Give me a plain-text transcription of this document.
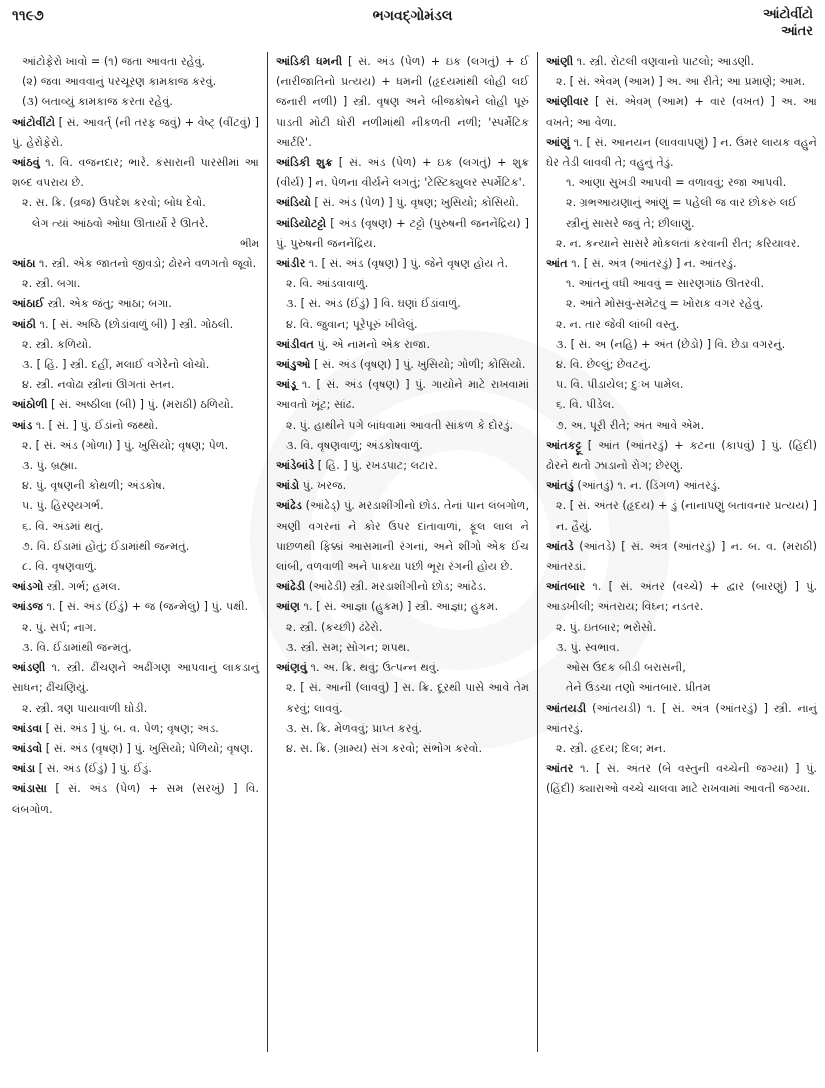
૧૧૯૭	ભગવદ્ગોમંડલ	આંટોવીંટો
આંતર

આંટોફેરો ખાવો = (૧) જતા આવતા રહેવું.

(૨) જવા આવવાનું પરચૂરણ કામકાજ કરવું.

(૩) બતાવ્યું કામકાજ કરતા રહેવું.

આંટોવીંટો [ સં. આવર્ત્ (ની તરફ જવું) + વેષ્ટ્ (વીંટવું) ] પું. હેરોફેરો.

આંઠવું ૧. વિ. વજનદાર; ભારે. કંસારાની પારસીમાં આ શબ્દ વપરાય છે.

૨. સ. ક્રિ. (વ્રજ) ઉપદેશ કરવો; બોધ દેવો.

લેગ ત્યાં આંઠવો ઓધા ઊતાર્યો રે ઊતરે.

ભીમ

આંઠા ૧. સ્ત્રી. એક જાતનો જીવડો; ઢોરને વળગતો જૂવો.

૨. સ્ત્રી. બગા.

આંઠાઈ સ્ત્રી. એક જંતુ; આંઠા; બગા.

આંઠી ૧. [ સં. અષ્ઠિ (છોડાંવાળું બી) ] સ્ત્રી. ગોઠલી.

૨. સ્ત્રી. કળિયો.

૩. [ હિં. ] સ્ત્રી. દહીં, મલાઈ વગેરેનો લોચો.

૪. સ્ત્રી. નવોઢા સ્ત્રીનાં ઊગતાં સ્તન.

આંઠોળી [ સં. અષ્ઠીલા (બી) ] પું. (મરાઠી) ઠળિયો.

આંડ ૧. [ સં. ] પું. ઈંડાંનો જથ્થો.

૨. [ સં. અંડ (ગોળા) ] પું. ખુસિયો; વૃષણ; પેળ.

૩. પું. બ્રહ્મા.

૪. પું. વૃષણની કોથળી; અંડકોષ.

૫. પું. હિરણ્યગર્ભ.

૬. વિ. અંડમાં થતું.

૭. વિ. ઈંડામાં હોતું; ઈંડામાંથી જન્મતું.

૮. વિ. વૃષણવાળું.

આંડગો સ્ત્રી. ગર્ભ; હમલ.

આંડજ ૧. [ સં. અંડ (ઈંડું) + જ (જન્મેલું) ] પું. પક્ષી.

૨. પું. સર્પ; નાગ.

૩. વિ. ઈંડામાંથી જન્મતું.

આંડણી ૧. સ્ત્રી. ઢીંચણને અઢીંગણ આપવાનું લાકડાનું સાધન; ઢીંચણિયું.

૨. સ્ત્રી. ત્રણ પાયાવાળી ઘોડી.

આંડવા [ સં. અંડ ] પું. બ. વ. પેળ; વૃષણ; અંડ.

આંડવો [ સં. અંડ (વૃષણ) ] પું. ખુસિયો; પેળિયો; વૃષણ.

આંડા [ સં. અંડ (ઈંડું) ] પું. ઈંડું.

આંડાસા [ સં. અંડ (પેળ) + સમ (સરખું) ] વિ. લંબગોળ.

આંડિકી ધમની [ સં. અંડ (પેળ) + ઇક (લગતું) + ઈ (નારીજાતિનો પ્રત્યય) + ધમની (હૃદયમાંથી લોહી લઈ જનારી નળી) ] સ્ત્રી. વૃષણ અને બીજકોષને લોહી પૂરું પાડતી મોટી ધોરી નળીમાંથી નીકળતી નળી; 'સ્પર્મેટિક આર્ટરિ'.

આંડિકી શુક્ર [ સં. અંડ (પેળ) + ઇક (લગતું) + શુક્ર (વીર્ય) ] ન. પેળના વીર્યને લગતું; 'ટેસ્ટિક્યુલર સ્પર્મેટિક'.

આંડિયો [ સં. અંડ (પેળ) ] પું. વૃષણ; ખુસિયો; કોસિયો.

આંડિયોટટ્ટો [ અંડ (વૃષણ) + ટટ્ટો (પુરુષની જનનેંદ્રિય) ] પું. પુરુષની જનનેંદ્રિય.

આંડીર ૧. [ સં. અંડ (વૃષણ) ] પું. જેને વૃષણ હોય તે.

૨. વિ. આંડવાવાળું.

૩. [ સં. અંડ (ઈંડું) ] વિ. ઘણાં ઈંડાંવાળું.

૪. વિ. જુવાન; પૂરેપૂરું ખીલેલું.

આંડીવત પું. એ નામનો એક રાજા.

આંડુઓ [ સં. અંડ (વૃષણ) ] પું. ખુસિયો; ગોળી; કોસિયો.

આંડૂ ૧. [ સં. અંડ (વૃષણ) ] પું. ગાયોને માટે રાખવામાં આવતો ખૂંટ; સાંઢ.

૨. પું. હાથીને પગે બાંધવામાં આવતી સાંકળ કે દોરડું.

૩. વિ. વૃષણવાળું; અંડકોષવાળું.

આંડેબાંડે [ હિં. ] પું. રખડપાટ; લટાર.

આંડો પું. ખરજ.

આંઢેડ (આંઢેડ્) પું. મરડાશીંગીનો છોડ. તેનાં પાન લંબગોળ, અણી વગરનાં ને કોર ઉપર દાંતાવાળાં, ફૂલ લાલ ને પાછળથી ફિક્કાં આસમાની રંગનાં, અને શીંગો એક ઈંચ લાંબી, વળવાળી અને પાકયા પછી ભૂરા રંગની હોય છે.

આંઢેડી (આંઢેડી) સ્ત્રી. મરડાશીંગીનો છોડ; આંઢેડ.

આંણ ૧. [ સં. આજ્ઞા (હુકમ) ] સ્ત્રી. આજ્ઞા; હુકમ.

૨. સ્ત્રી. (કચ્છી) ઢંઢેરો.

૩. સ્ત્રી. સમ; સોગન; શપથ.

આંણવું ૧. અ. ક્રિ. થવું; ઉત્પન્ન થવું.

૨. [ સં. આની (લાવવું) ] સ. ક્રિ. દૂરથી પાસે આવે તેમ કરવું; લાવવું.

૩. સ. ક્રિ. મેળવવું; પ્રાપ્ત કરવું.

૪. સ. ક્રિ. (ગ્રામ્ય) સંગ કરવો; સંભોગ કરવો.

આંણી ૧. સ્ત્રી. રોટલી વણવાનો પાટલો; આડણી.

૨. [ સં. એવમ્ (આમ) ] અ. આ રીતે; આ પ્રમાણે; આમ.

આંણીવાર [ સં. એવમ્ (આમ) + વાર (વખત) ] અ. આ વખતે; આ વેળા.

આંણું ૧. [ સં. આનયન (લાવવાપણું) ] ન. ઉંમર લાયક વહુને ઘેર તેડી લાવવી તે; વહુનું તેડું.

૧. આંણા સુખડી આપવી = વળાવવું; રજા આપવી.

૨. ગ્રભઆયણાનું આંણું = પહેલી જ વાર છોકરું લઈ સ્ત્રીનું સાસરે જવું તે; છીલાણું.

૨. ન. કન્યાને સાસરે મોકલતાં કરવાની રીત; કરિયાવર.

આંત ૧. [ સં. અંત્ર (આંતરડું) ] ન. આંતરડું.

૧. આંતનું વધી આવવું = સારણગાંઠ ઊતરવી.

૨. આંતે મોસવું-સમેટવું = ખોરાક વગર રહેવું.

૨. ન. તાર જેવી લાંબી વસ્તુ.

૩. [ સં. અ (નહિ) + અંત (છેડો) ] વિ. છેડા વગરનું.

૪. વિ. છેલ્લું; છેવટનું.

૫. વિ. પીડાયેલ; દુઃખ પામેલ.

૬. વિ. પીડેલ.

૭. અ. પૂરી રીતે; અંત આવે એમ.

આંતકટ્ટૂ [ આંત (આંતરડું) + કટના (કાપવું) ] પું. (હિંદી) ઢોરને થતો ઝાડાનો રોગ; છેરણું.

આંતડું (આંતડું) ૧. ન. (ડિંગળ) આંતરડું.

૨. [ સં. અંતર (હૃદય) + ડું (નાનાપણું બતાવનાર પ્રત્યય) ] ન. હૈયું.

આંતડે (આંતડે) [ સં. અંત્ર (આંતરડું) ] ન. બ. વ. (મરાઠી) આંતરડાં.

આંતબાર ૧. [ સં. અંતર (વચ્ચે) + દ્વાર (બારણું) ] પું. આડખીલી; અંતરાય; વિઘ્ન; નડતર.

૨. પું. ઇતબાર; ભરોસો.

૩. પું. સ્વભાવ.

ઓસ ઉદક બીડી બરાસની,

તેને ઉડચા તણો આંતબાર. પ્રીતમ

આંતયડી (આંતયડી) ૧. [ સં. અંત્ર (આંતરડું) ] સ્ત્રી. નાનું આંતરડું.

૨. સ્ત્રી. હૃદય; દિલ; મન.

આંતર ૧. [ સં. અંતર (બે વસ્તુની વચ્ચેની જગ્યા) ] પું. (હિંદી) ક્યારાઓ વચ્ચે ચાલવા માટે રાખવામાં આવતી જગ્યા.
